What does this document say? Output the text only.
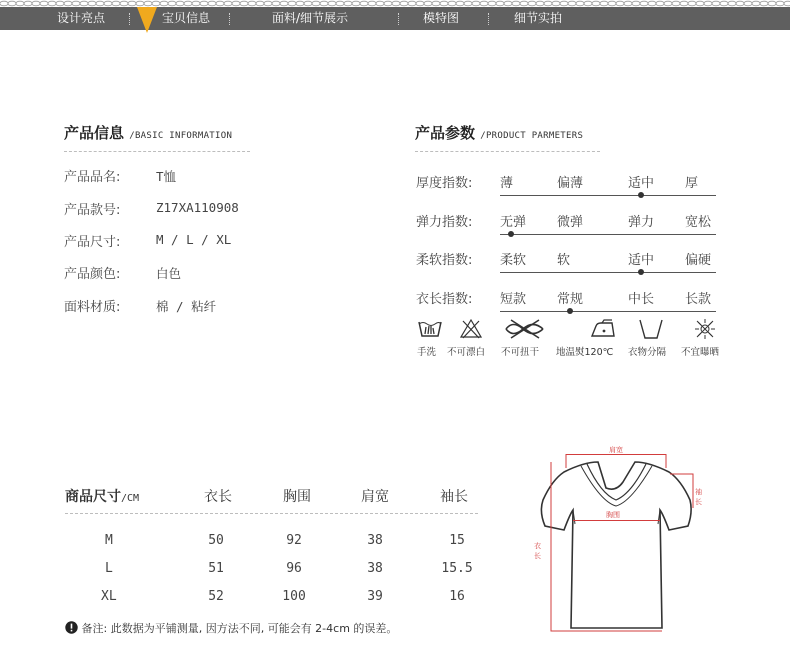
设计亮点	宝贝信息	面料/细节展示	模特图	细节实拍
产品信息 /BASIC INFORMATION
产品品名:	T恤
产品款号:	Z17XA110908
产品尺寸:	M / L / XL
产品颜色:	白色
面料材质:	棉 / 粘纤
产品参数 /PRODUCT PARMETERS
厚度指数: 薄	偏薄	适中 厚
弹力指数: 无弹 微弹	弹力 宽松
柔软指数: 柔软 软	适中 偏硬
衣长指数: 短款 常规	中长 长款
手洗 不可漂白 不可扭干 地温熨120℃ 衣物分隔 不宜曝晒
商品尺寸/CM	衣长	胸围	肩宽	袖长
M	50	92	38	15
L	51	96	38	15.5
XL	52	100	39	16
备注: 此数据为平铺测量, 因方法不同, 可能会有 2-4cm 的误差。
肩宽
胸围
袖
长
衣
长
